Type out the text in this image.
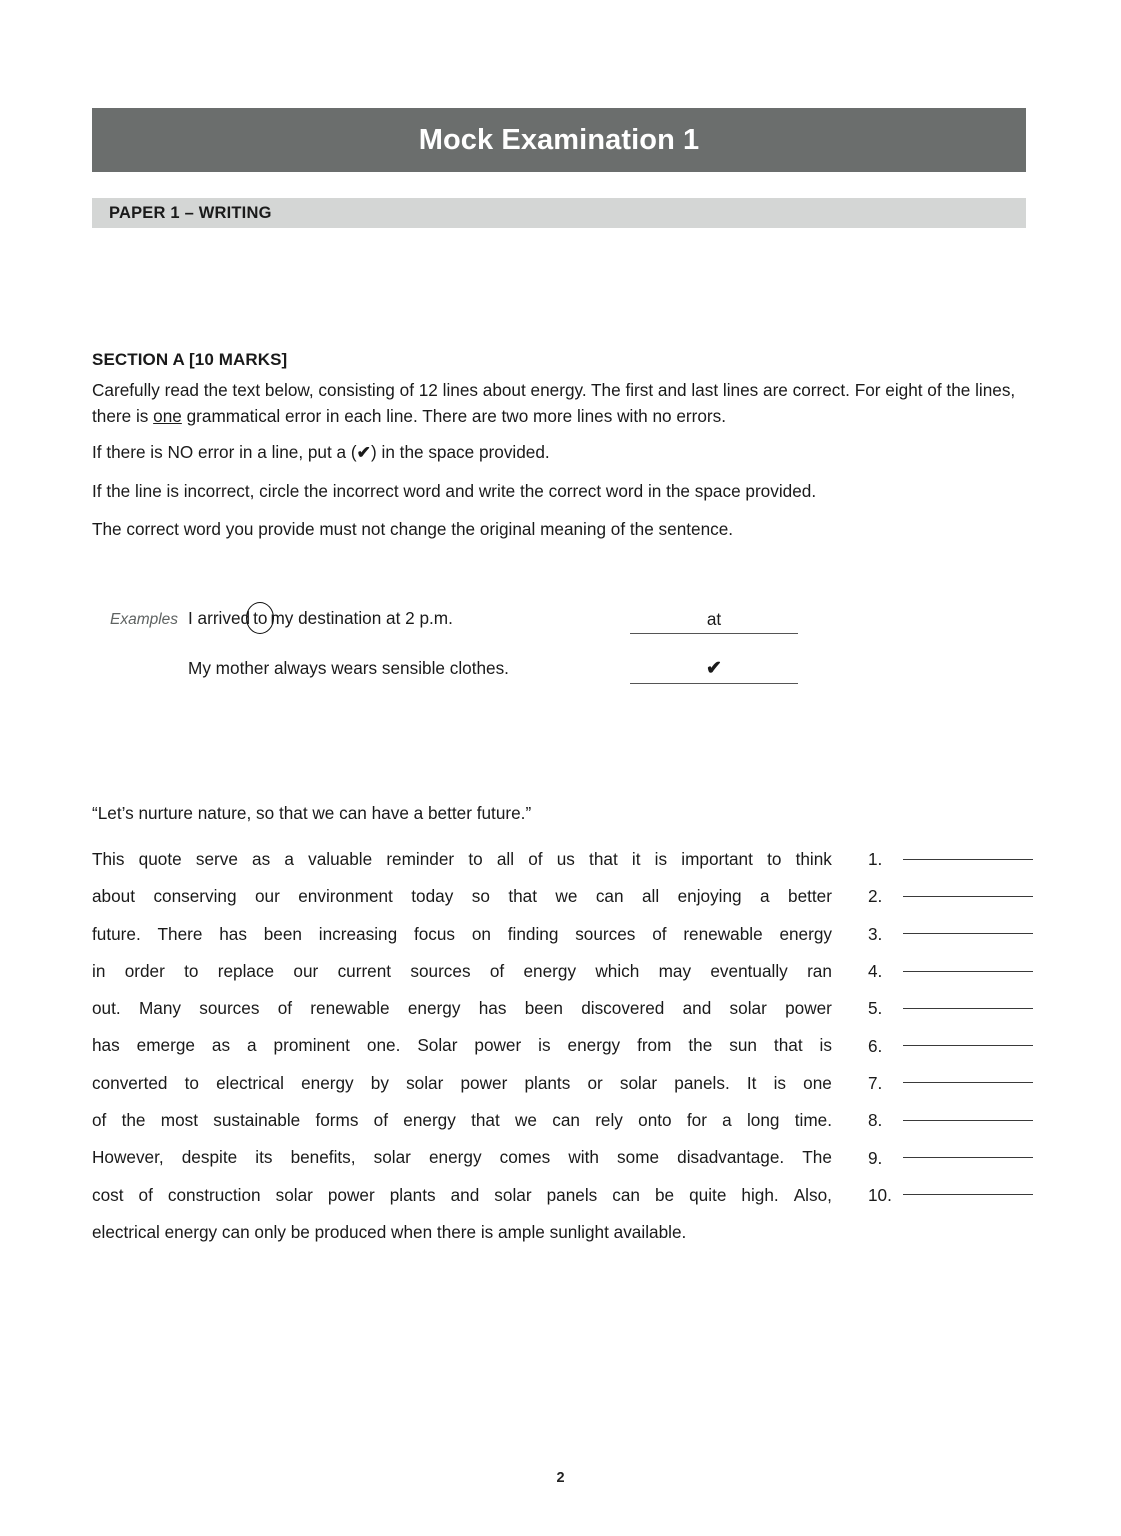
Mock Examination 1
PAPER 1 – WRITING
SECTION A [10 MARKS]

Carefully read the text below, consisting of 12 lines about energy. The first and last lines are correct. For eight of the lines, there is one grammatical error in each line. There are two more lines with no errors.

If there is NO error in a line, put a (✔) in the space provided.

If the line is incorrect, circle the incorrect word and write the correct word in the space provided.

The correct word you provide must not change the original meaning of the sentence.

Examples I arrived to my destination at 2 p.m.	at
My mother always wears sensible clothes.	✔
“Let’s nurture nature, so that we can have a better future.”
This quote serve as a valuable reminder to all of us that it is important to think
about conserving our environment today so that we can all enjoying a better
future. There has been increasing focus on finding sources of renewable energy
in order to replace our current sources of energy which may eventually ran
out. Many sources of renewable energy has been discovered and solar power
has emerge as a prominent one. Solar power is energy from the sun that is
converted to electrical energy by solar power plants or solar panels. It is one
of the most sustainable forms of energy that we can rely onto for a long time.
However, despite its benefits, solar energy comes with some disadvantage. The
cost of construction solar power plants and solar panels can be quite high. Also,
electrical energy can only be produced when there is ample sunlight available.
1.
2.
3.
4.
5.
6.
7.
8.
9.
10.
2
